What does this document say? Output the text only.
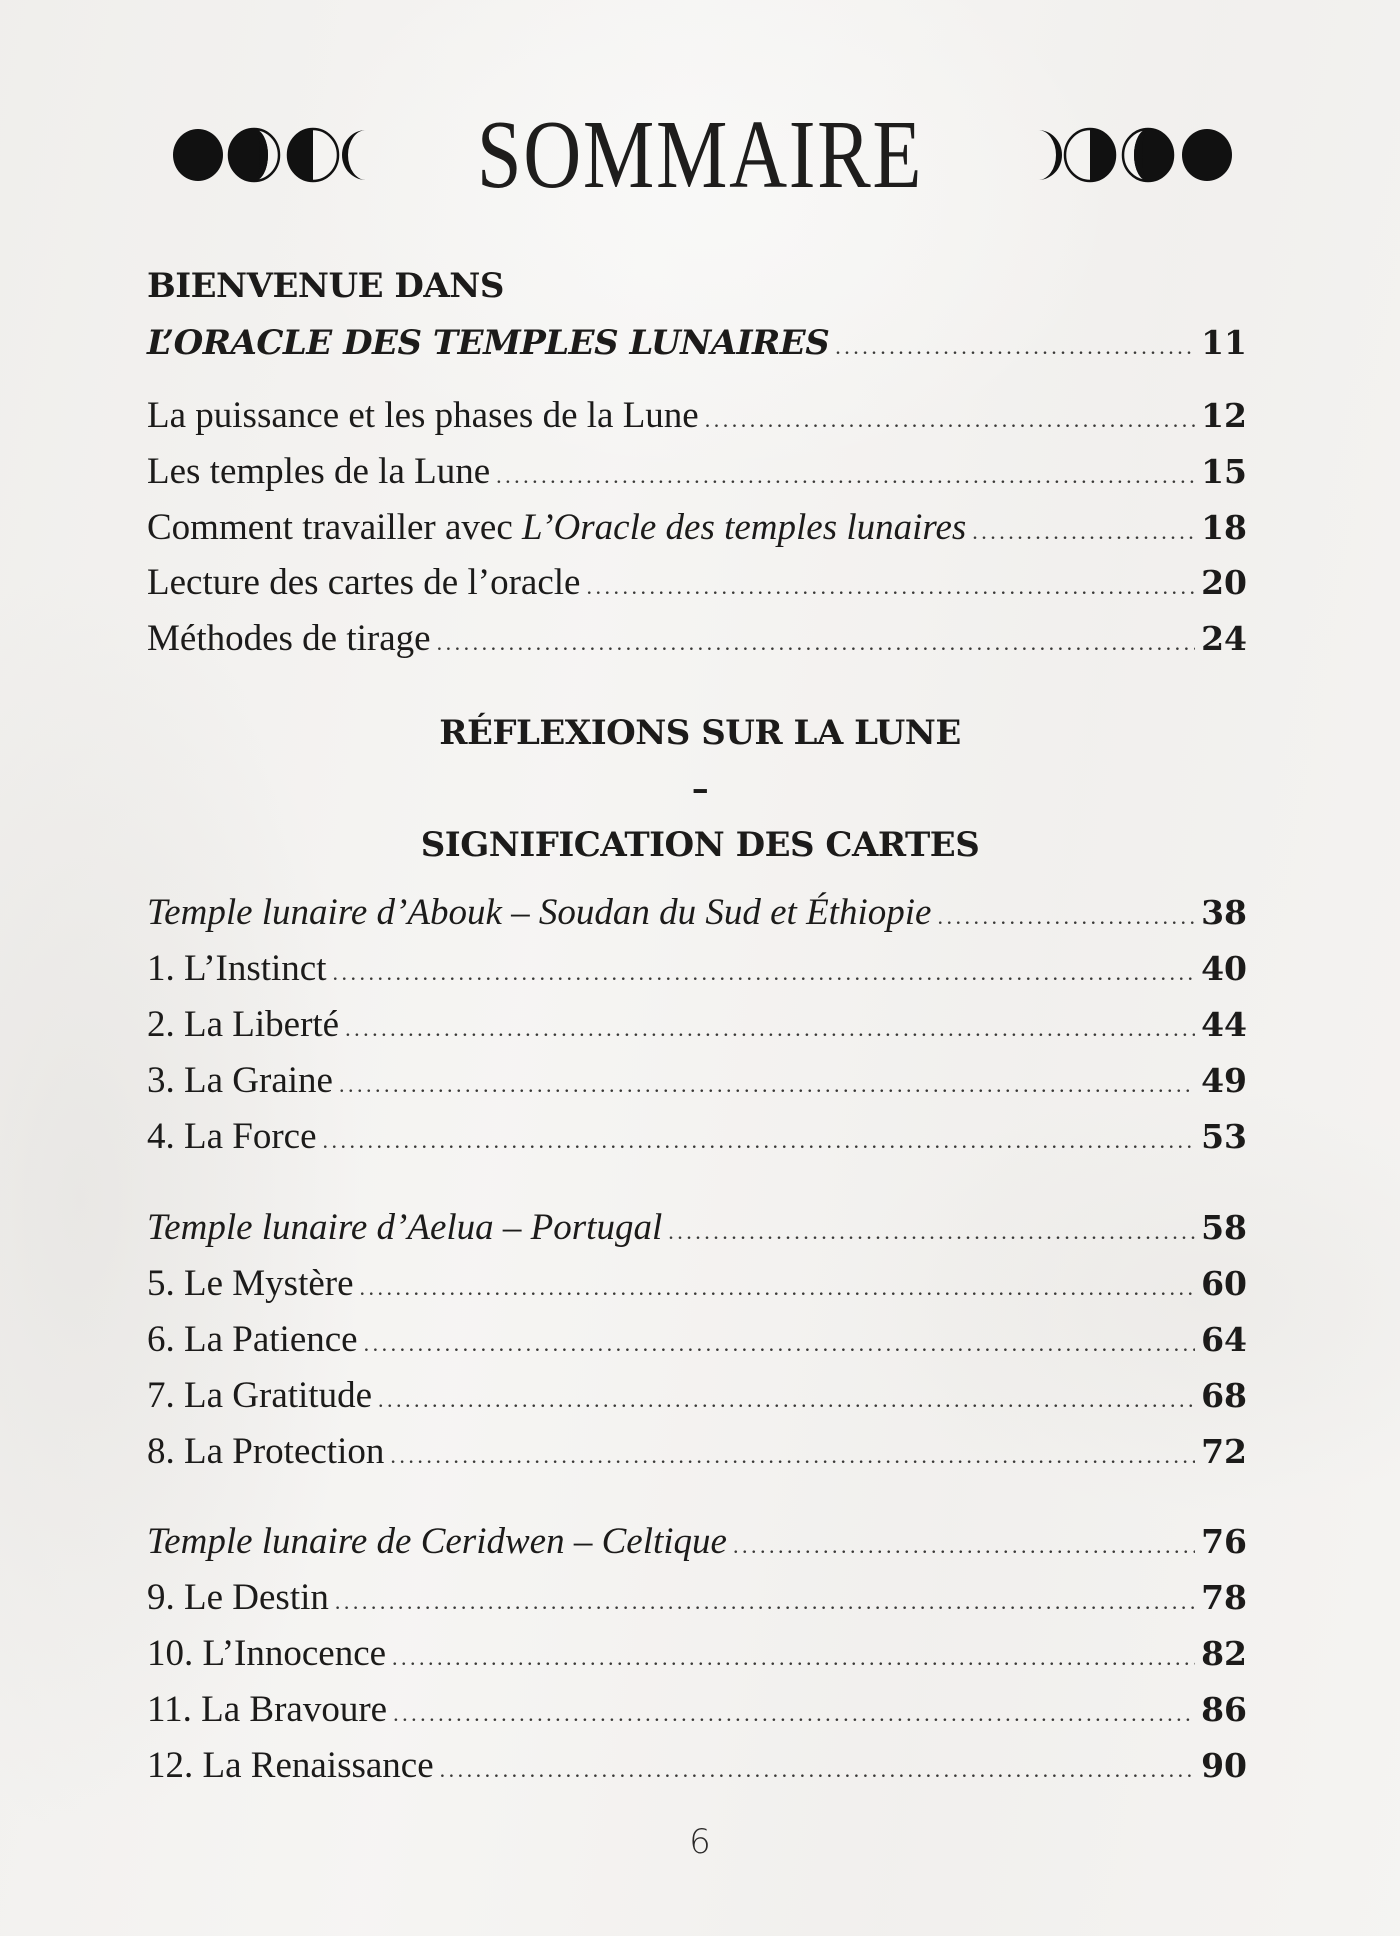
SOMMAIRE
BIENVENUE DANS
L’ORACLE DES TEMPLES LUNAIRES . . .	11
La puissance et les phases de la Lune . . .	12
Les temples de la Lune . . .	15
Comment travailler avec L’Oracle des temples lunaires . . .	18
Lecture des cartes de l’oracle . . .	20
Méthodes de tirage . . .	24
RÉFLEXIONS SUR LA LUNE
–
SIGNIFICATION DES CARTES
Temple lunaire d’Abouk – Soudan du Sud et Éthiopie . . .	38
1. L’Instinct . . .	40
2. La Liberté . . .	44
3. La Graine . . .	49
4. La Force . . .	53
Temple lunaire d’Aelua – Portugal . . .	58
5. Le Mystère . . .	60
6. La Patience . . .	64
7. La Gratitude . . .	68
8. La Protection . . .	72
Temple lunaire de Ceridwen – Celtique . . .	76
9. Le Destin . . .	78
10. L’Innocence . . .	82
11. La Bravoure . . .	86
12. La Renaissance . . .	90
6
